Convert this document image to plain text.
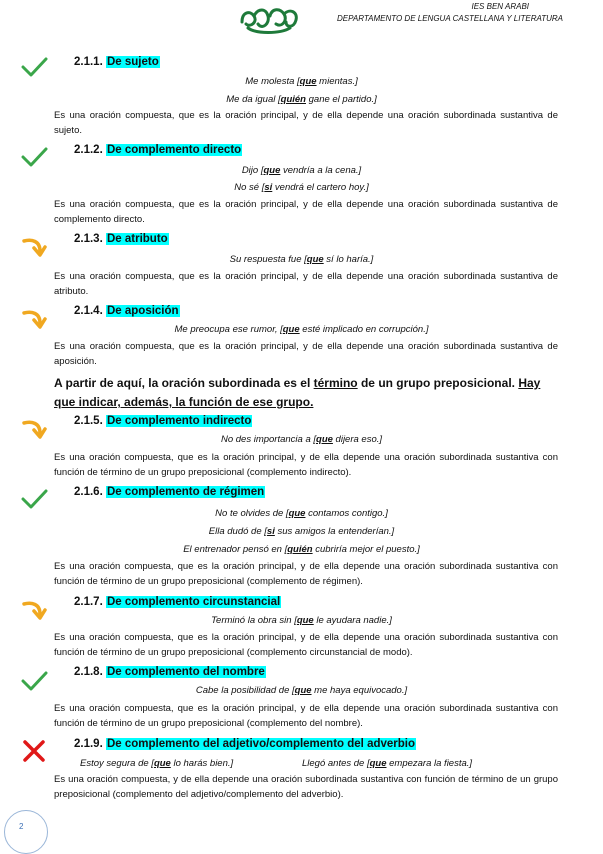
IES BEN ARABI
DEPARTAMENTO DE LENGUA CASTELLANA Y LITERATURA
2.1.1. De sujeto
Me molesta [que mientas.]
Me da igual [quién gane el partido.]
Es una oración compuesta, que es la oración principal, y de ella depende una oración subordinada sustantiva de sujeto.
2.1.2. De complemento directo
Dijo [que vendría a la cena.]
No sé [si vendrá el cartero hoy.]
Es una oración compuesta, que es la oración principal, y de ella depende una oración subordinada sustantiva de complemento directo.
2.1.3. De atributo
Su respuesta fue [que sí lo haría.]
Es una oración compuesta, que es la oración principal, y de ella depende una oración subordinada sustantiva de atributo.
2.1.4. De aposición
Me preocupa ese rumor, [que esté implicado en corrupción.]
Es una oración compuesta, que es la oración principal, y de ella depende una oración subordinada sustantiva de aposición.
A partir de aquí, la oración subordinada es el término de un grupo preposicional. Hay que indicar, además, la función de ese grupo.
2.1.5. De complemento indirecto
No des importancia a [que dijera eso.]
Es una oración compuesta, que es la oración principal, y de ella depende una oración subordinada sustantiva con función de término de un grupo preposicional (complemento indirecto).
2.1.6. De complemento de régimen
No te olvides de [que contamos contigo.]
Ella dudó de [si sus amigos la entenderían.]
El entrenador pensó en [quién cubriría mejor el puesto.]
Es una oración compuesta, que es la oración principal, y de ella depende una oración subordinada sustantiva con función de término de un grupo preposicional (complemento de régimen).
2.1.7. De complemento circunstancial
Terminó la obra sin [que le ayudara nadie.]
Es una oración compuesta, que es la oración principal, y de ella depende una oración subordinada sustantiva con función de término de un grupo preposicional (complemento circunstancial de modo).
2.1.8. De complemento del nombre
Cabe la posibilidad de [que me haya equivocado.]
Es una oración compuesta, que es la oración principal, y de ella depende una oración subordinada sustantiva con función de término de un grupo preposicional (complemento del nombre).
2.1.9. De complemento del adjetivo/complemento del adverbio
Estoy segura de [que lo harás bien.]	Llegó antes de [que empezara la fiesta.]
Es una oración compuesta, y de ella depende una oración subordinada sustantiva con función de término de un grupo preposicional (complemento del adjetivo/complemento del adverbio).
2
